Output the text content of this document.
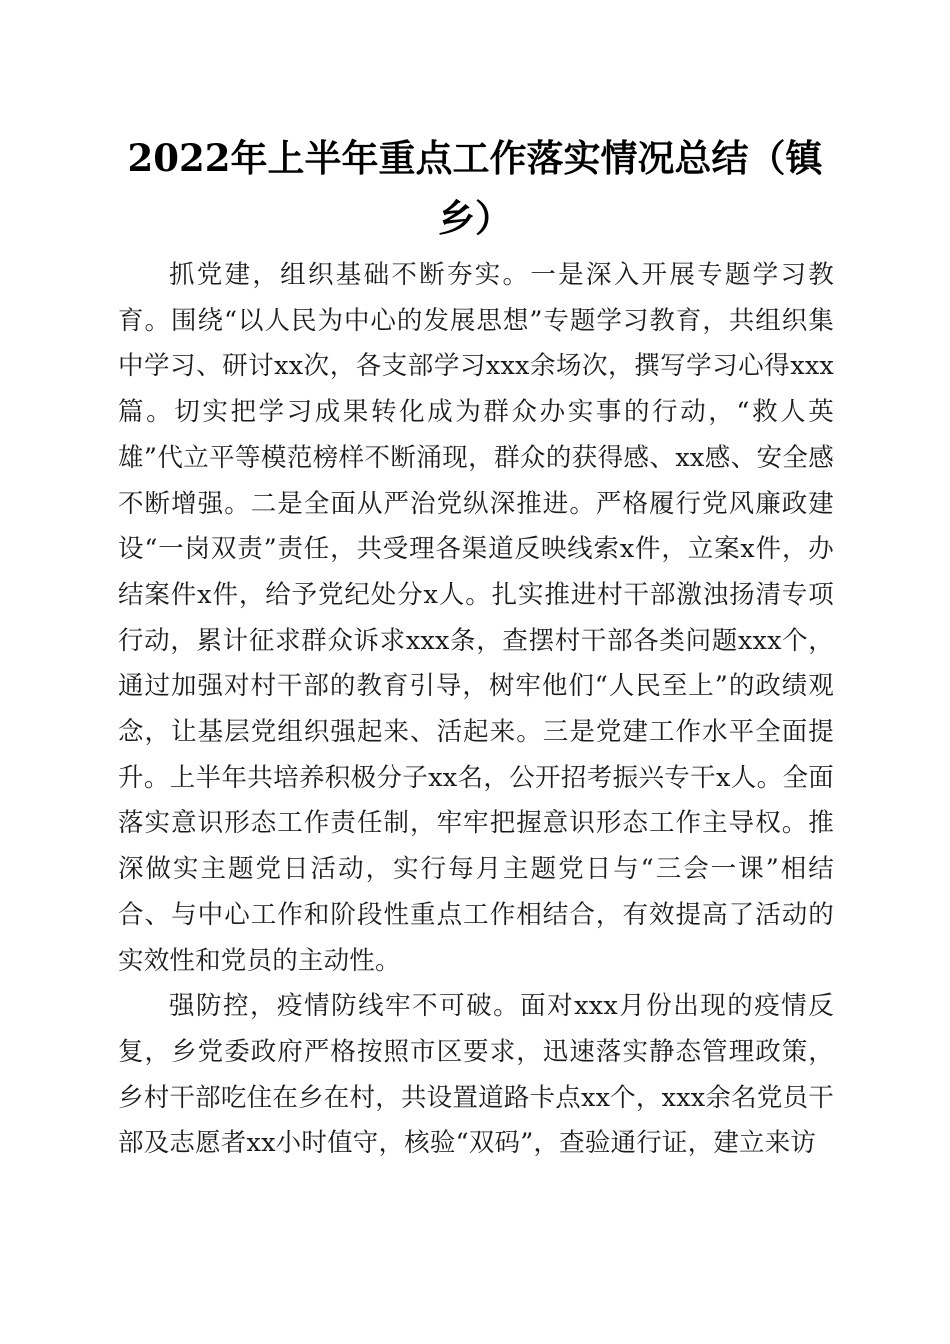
2022年上半年重点工作落实情况总结（镇乡）

抓党建，组织基础不断夯实。一是深入开展专题学习教育。围绕“以人民为中心的发展思想”专题学习教育，共组织集中学习、研讨xx次，各支部学习xxx余场次，撰写学习心得xxx篇。切实把学习成果转化成为群众办实事的行动，“救人英雄”代立平等模范榜样不断涌现，群众的获得感、xx感、安全感不断增强。二是全面从严治党纵深推进。严格履行党风廉政建设“一岗双责”责任，共受理各渠道反映线索x件，立案x件，办结案件x件，给予党纪处分x人。扎实推进村干部激浊扬清专项行动，累计征求群众诉求xxx条，查摆村干部各类问题xxx个，通过加强对村干部的教育引导，树牢他们“人民至上”的政绩观念，让基层党组织强起来、活起来。三是党建工作水平全面提升。上半年共培养积极分子xx名，公开招考振兴专干x人。全面落实意识形态工作责任制，牢牢把握意识形态工作主导权。推深做实主题党日活动，实行每月主题党日与“三会一课”相结合、与中心工作和阶段性重点工作相结合，有效提高了活动的实效性和党员的主动性。

强防控，疫情防线牢不可破。面对xxx月份出现的疫情反复，乡党委政府严格按照市区要求，迅速落实静态管理政策，乡村干部吃住在乡在村，共设置道路卡点xx个，xxx余名党员干部及志愿者xx小时值守，核验“双码”，查验通行证，建立来访
